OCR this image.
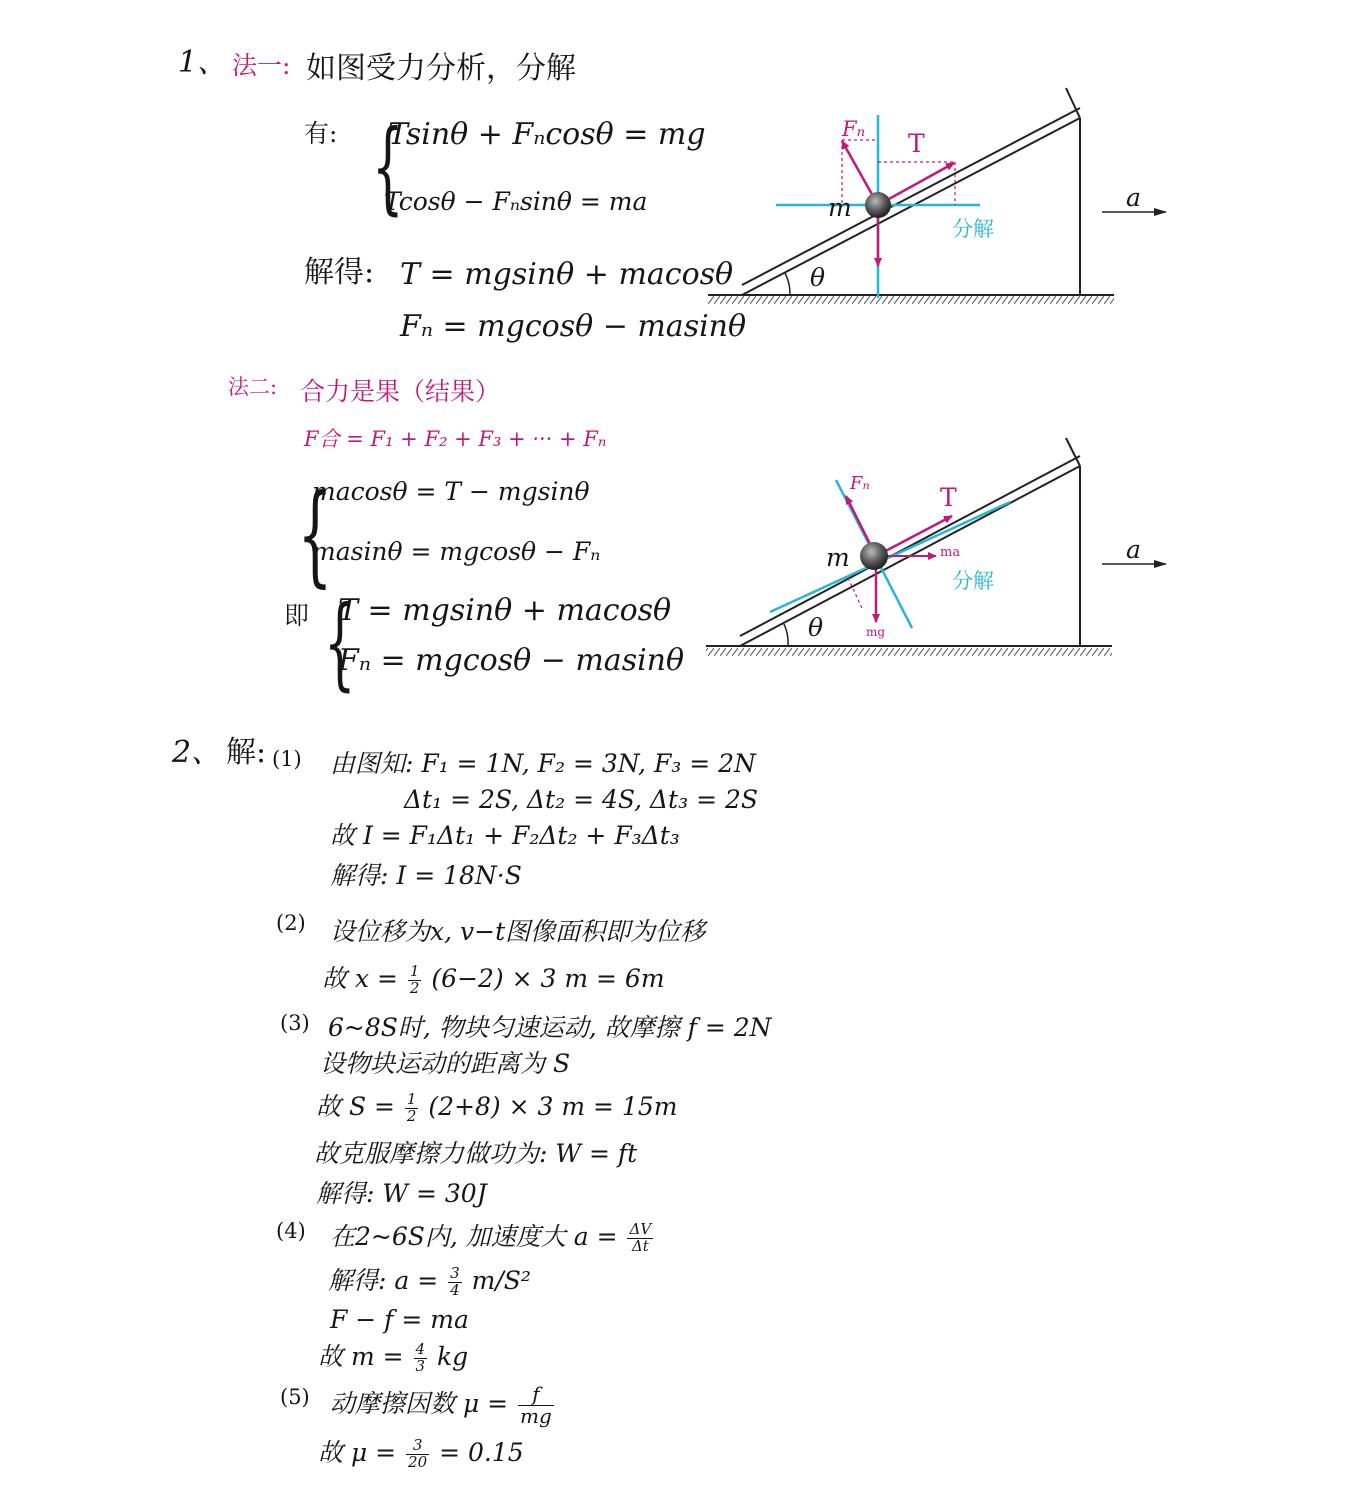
1、 法一: 如图受力分析，分解
有: {
Tsinθ + Fₙcosθ = mg
Tcosθ − Fₙsinθ = ma
解得: T = mgsinθ + macosθ
Fₙ = mgcosθ − masinθ
法二: 合力是果（结果）
F合 = F₁ + F₂ + F₃ + ··· + Fₙ
{
macosθ = T − mgsinθ
masinθ = mgcosθ − Fₙ
即 {
T = mgsinθ + macosθ
Fₙ = mgcosθ − masinθ
Fₙ T
m
θ
分解
a
Fₙ	T
m	ma
mg
θ
分解
a
2、 解: (1) 由图知: F₁ = 1N, F₂ = 3N, F₃ = 2N
Δt₁ = 2S, Δt₂ = 4S, Δt₃ = 2S
故 I = F₁Δt₁ + F₂Δt₂ + F₃Δt₃
解得: I = 18N·S
(2) 设位移为x, v−t图像面积即为位移
故 $x = \frac{1}{2} (6-2) \times 3$ m = 6m
(3) 6~8S时, 物块匀速运动, 故摩擦 f = 2N
设物块运动的距离为 S
故 $S = \frac{1}{2} (2+8) \times 3$ m = 15m
故克服摩擦力做功为: W = ft
解得: W = 30J
(4) 在2~6S内, 加速度大 $a = \frac{\Delta V}{\Delta t}$
解得: $a = \frac{3}{4} m/S^2$
F − f = ma
故 $m = \frac{4}{3}$ kg
(5) 动摩擦因数 $\mu = \frac{f}{mg}$
故 $\mu = \frac{3}{20} = 0.15$
